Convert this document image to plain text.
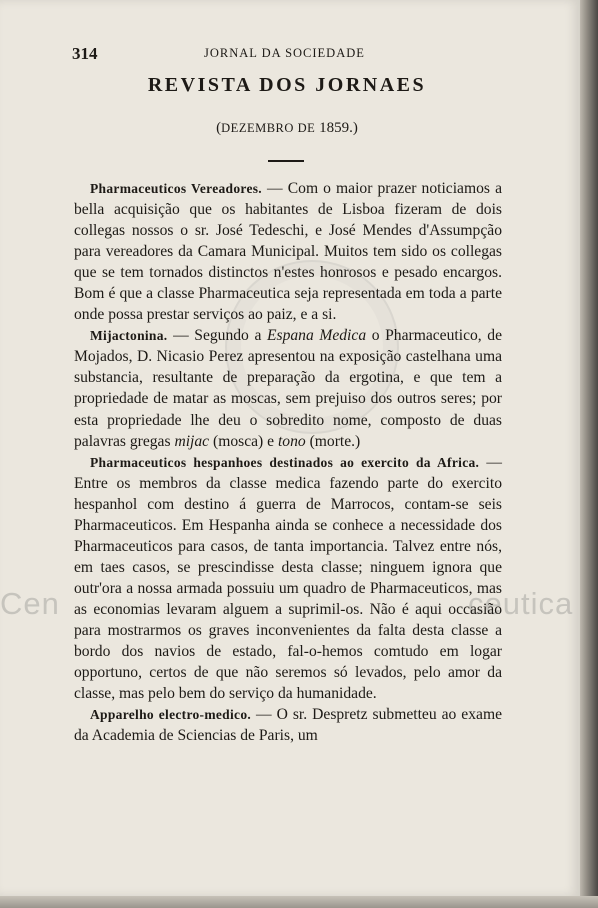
Cen	ceutica
314	JORNAL DA SOCIEDADE
REVISTA DOS JORNAES
(DEZEMBRO DE 1859.)

Pharmaceuticos Vereadores. — Com o maior prazer noticiamos a bella acquisição que os habitantes de Lisboa fizeram de dois collegas nossos o sr. José Tedeschi, e José Mendes d'Assumpção para vereadores da Camara Municipal. Muitos tem sido os collegas que se tem tornados distinctos n'estes honrosos e pesado encargos. Bom é que a classe Pharmaceutica seja representada em toda a parte onde possa prestar serviços ao paiz, e a si.

Mijactonina. — Segundo a Espana Medica o Pharmaceutico, de Mojados, D. Nicasio Perez apresentou na exposição castelhana uma substancia, resultante de preparação da ergotina, e que tem a propriedade de matar as moscas, sem prejuiso dos outros seres; por esta propriedade lhe deu o sobredito nome, composto de duas palavras gregas mijac (mosca) e tono (morte.)

Pharmaceuticos hespanhoes destinados ao exercito da Africa. — Entre os membros da classe medica fazendo parte do exercito hespanhol com destino á guerra de Marrocos, contam-se seis Pharmaceuticos. Em Hespanha ainda se conhece a necessidade dos Pharmaceuticos para casos, de tanta importancia. Talvez entre nós, em taes casos, se prescindisse desta classe; ninguem ignora que outr'ora a nossa armada possuiu um quadro de Pharmaceuticos, mas as economias levaram alguem a suprimil-os. Não é aqui occasião para mostrarmos os graves inconvenientes da falta desta classe a bordo dos navios de estado, fal-o-hemos comtudo em logar opportuno, certos de que não seremos só levados, pelo amor da classe, mas pelo bem do serviço da humanidade.

Apparelho electro-medico. — O sr. Despretz submetteu ao exame da Academia de Sciencias de Paris, um
